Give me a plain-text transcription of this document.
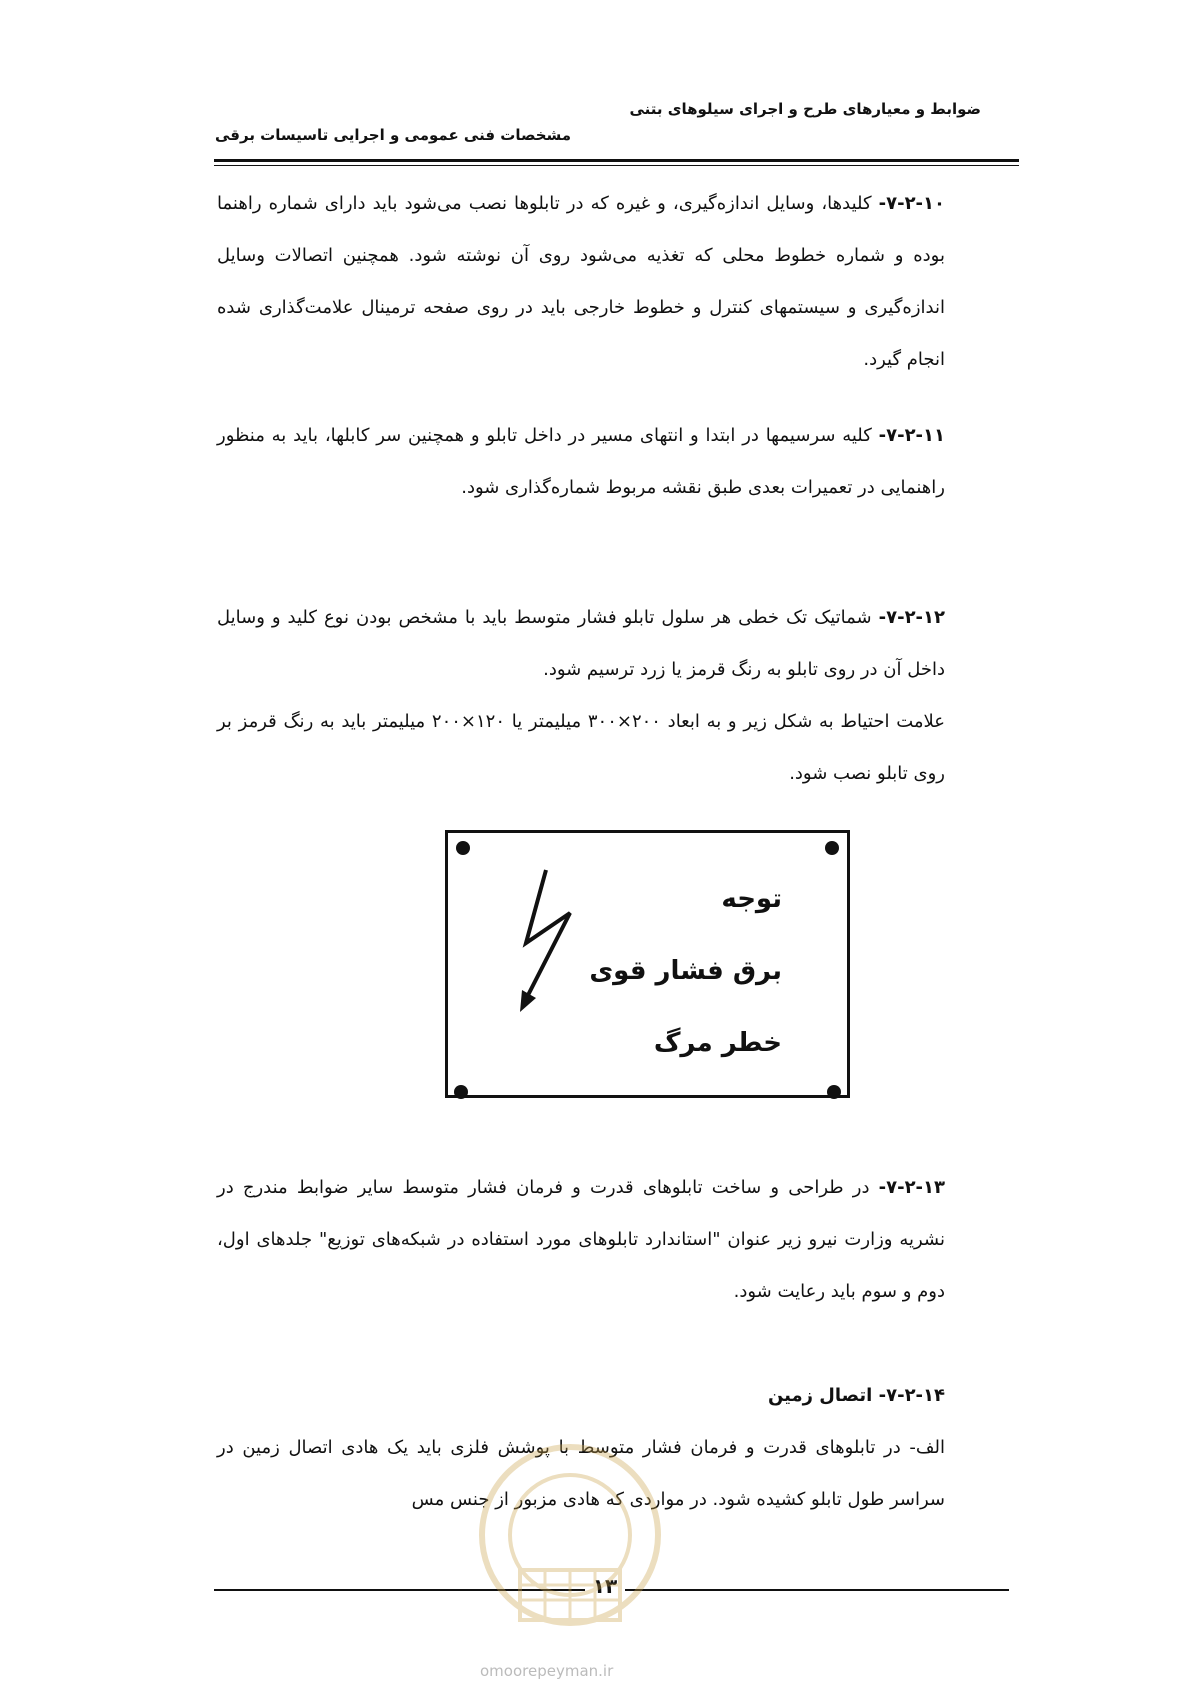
ضوابط و معیارهای طرح و اجرای سیلوهای بتنی
مشخصات فنی عمومی و اجرایی تاسیسات برقی

۷-۲-۱۰- کلیدها، وسایل اندازه‌گیری، و غیره که در تابلوها نصب می‌شود باید دارای شماره راهنما بوده و شماره خطوط محلی که تغذیه می‌شود روی آن نوشته شود. همچنین اتصالات وسایل اندازه‌گیری و سیستمهای کنترل و خطوط خارجی باید در روی صفحه ترمینال علامت‌گذاری شده انجام گیرد.

۷-۲-۱۱- کلیه سرسیمها در ابتدا و انتهای مسیر در داخل تابلو و همچنین سر کابلها، باید به منظور راهنمایی در تعمیرات بعدی طبق نقشه مربوط شماره‌گذاری شود.

۷-۲-۱۲- شماتیک تک خطی هر سلول تابلو فشار متوسط باید با مشخص بودن نوع کلید و وسایل داخل آن در روی تابلو به رنگ قرمز یا زرد ترسیم شود.

علامت احتیاط به شکل زیر و به ابعاد ۲۰۰×۳۰۰ میلیمتر یا ۱۲۰×۲۰۰ میلیمتر باید به رنگ قرمز بر روی تابلو نصب شود.

توجه
برق فشار قوی
خطر مرگ

۷-۲-۱۳- در طراحی و ساخت تابلوهای قدرت و فرمان فشار متوسط سایر ضوابط مندرج در نشریه وزارت نیرو زیر عنوان "استاندارد تابلوهای مورد استفاده در شبکه‌های توزیع" جلدهای اول، دوم و سوم باید رعایت شود.

۷-۲-۱۴- اتصال زمین

الف- در تابلوهای قدرت و فرمان فشار متوسط با پوشش فلزی باید یک هادی اتصال زمین در سراسر طول تابلو کشیده شود. در مواردی که هادی مزبور از جنس مس

۱۳
omoorepeyman.ir
